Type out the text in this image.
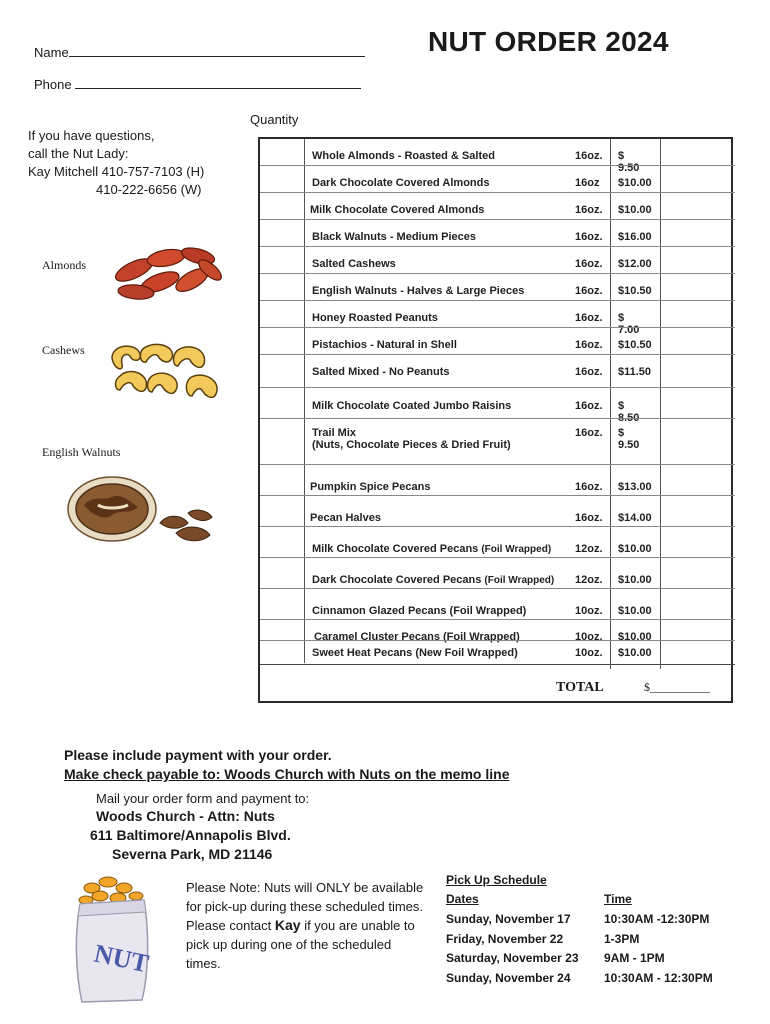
NUT ORDER 2024
Name
Phone
If you have questions,
call the Nut Lady:
Kay Mitchell 410-757-7103 (H)
410-222-6656 (W)
Almonds
Cashews
English Walnuts
Quantity
Whole Almonds - Roasted & Salted	16oz. $ 9.50
Dark Chocolate Covered Almonds	16oz $10.00
Milk Chocolate Covered Almonds	16oz. $10.00
Black Walnuts - Medium Pieces	16oz. $16.00
Salted Cashews	16oz. $12.00
English Walnuts - Halves & Large Pieces	16oz. $10.50
Honey Roasted Peanuts	16oz. $ 7.00
Pistachios - Natural in Shell	16oz. $10.50
Salted Mixed - No Peanuts	16oz. $11.50
Milk Chocolate Coated Jumbo Raisins	16oz. $ 8.50
Trail Mix
(Nuts, Chocolate Pieces & Dried Fruit)
16oz. $ 9.50
Pumpkin Spice Pecans	16oz. $13.00
Pecan Halves	16oz. $14.00
Milk Chocolate Covered Pecans (Foil Wrapped) 12oz. $10.00
Dark Chocolate Covered Pecans (Foil Wrapped) 12oz. $10.00
Cinnamon Glazed Pecans (Foil Wrapped)	10oz. $10.00
Caramel Cluster Pecans (Foil Wrapped)	10oz. $10.00
Sweet Heat Pecans (New Foil Wrapped)	10oz. $10.00
TOTAL	$__________
Please include payment with your order.
Make check payable to: Woods Church with Nuts on the memo line
Mail your order form and payment to:
Woods Church - Attn: Nuts
611 Baltimore/Annapolis Blvd.
Severna Park, MD 21146
NUT
Please Note: Nuts will ONLY be available for pick-up during these scheduled times. Please contact Kay if you are unable to pick up during one of the scheduled times.
Pick Up Schedule
Dates	Time
Sunday, November 17	10:30AM -12:30PM
Friday, November 22	1-3PM
Saturday, November 23 9AM - 1PM
Sunday, November 24	10:30AM - 12:30PM
